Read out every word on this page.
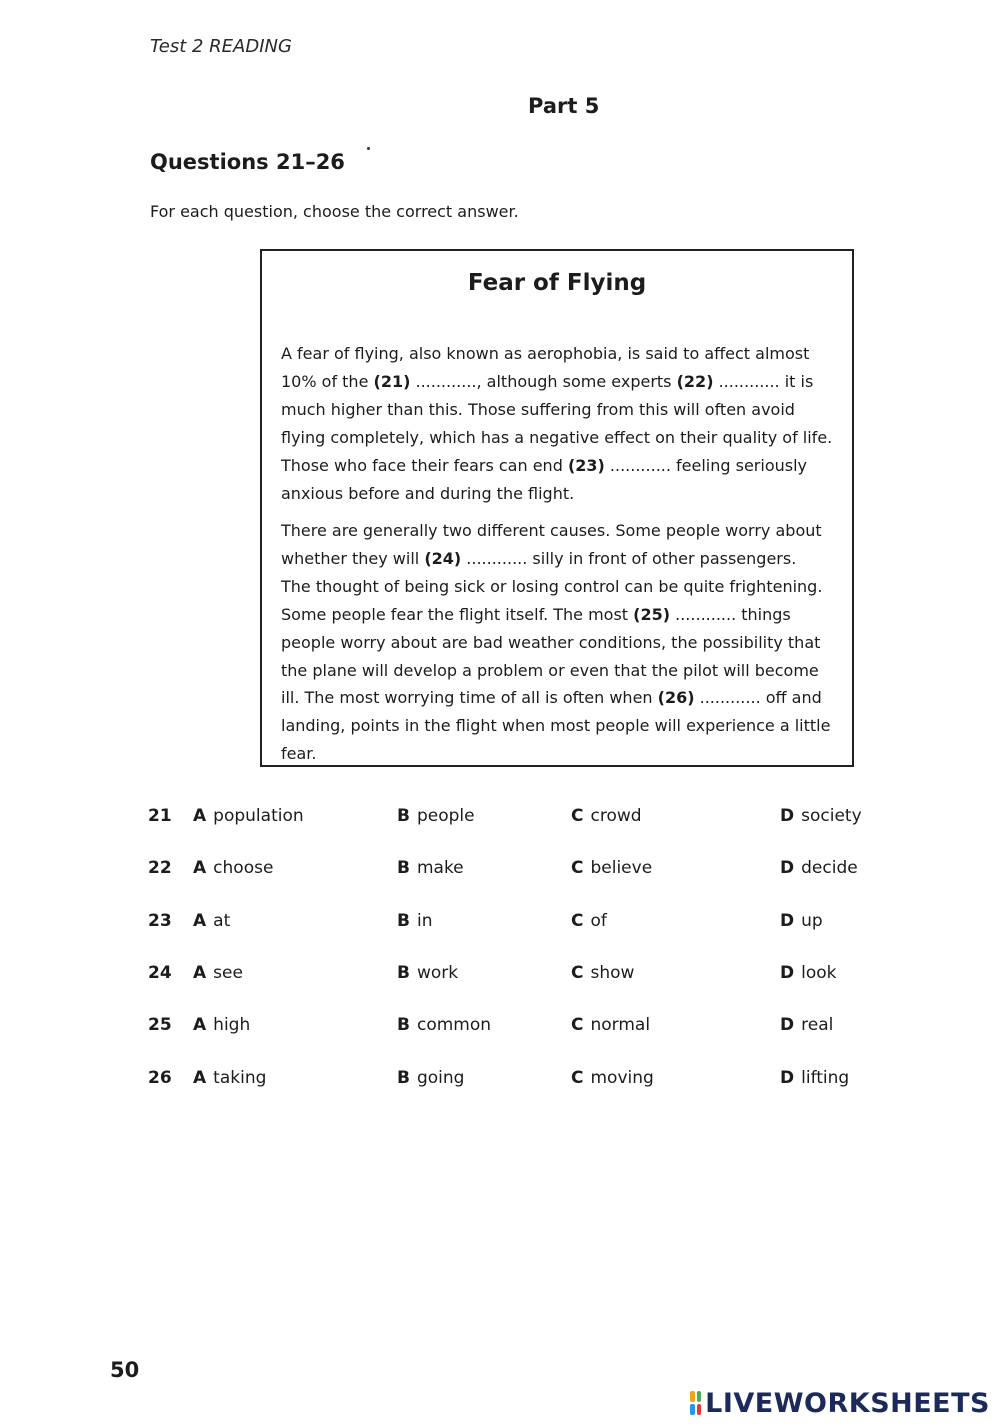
Test 2 READING
Part 5
Questions 21–26
For each question, choose the correct answer.
Fear of Flying
A fear of flying, also known as aerophobia, is said to affect almost
10% of the (21) ............, although some experts (22) ............ it is
much higher than this. Those suffering from this will often avoid
flying completely, which has a negative effect on their quality of life.
Those who face their fears can end (23) ............ feeling seriously
anxious before and during the flight.
There are generally two different causes. Some people worry about
whether they will (24) ............ silly in front of other passengers.
The thought of being sick or losing control can be quite frightening.
Some people fear the flight itself. The most (25) ............ things
people worry about are bad weather conditions, the possibility that
the plane will develop a problem or even that the pilot will become
ill. The most worrying time of all is often when (26) ............ off and
landing, points in the flight when most people will experience a little
fear.
21 A population	B people	C crowd	D society
22 A choose	B make	C believe	D decide
23 A at	B in	C of	D up
24 A see	B work	C show	D look
25 A high	B common	C normal	D real
26 A taking	B going	C moving	D lifting
50
LIVEWORKSHEETS
